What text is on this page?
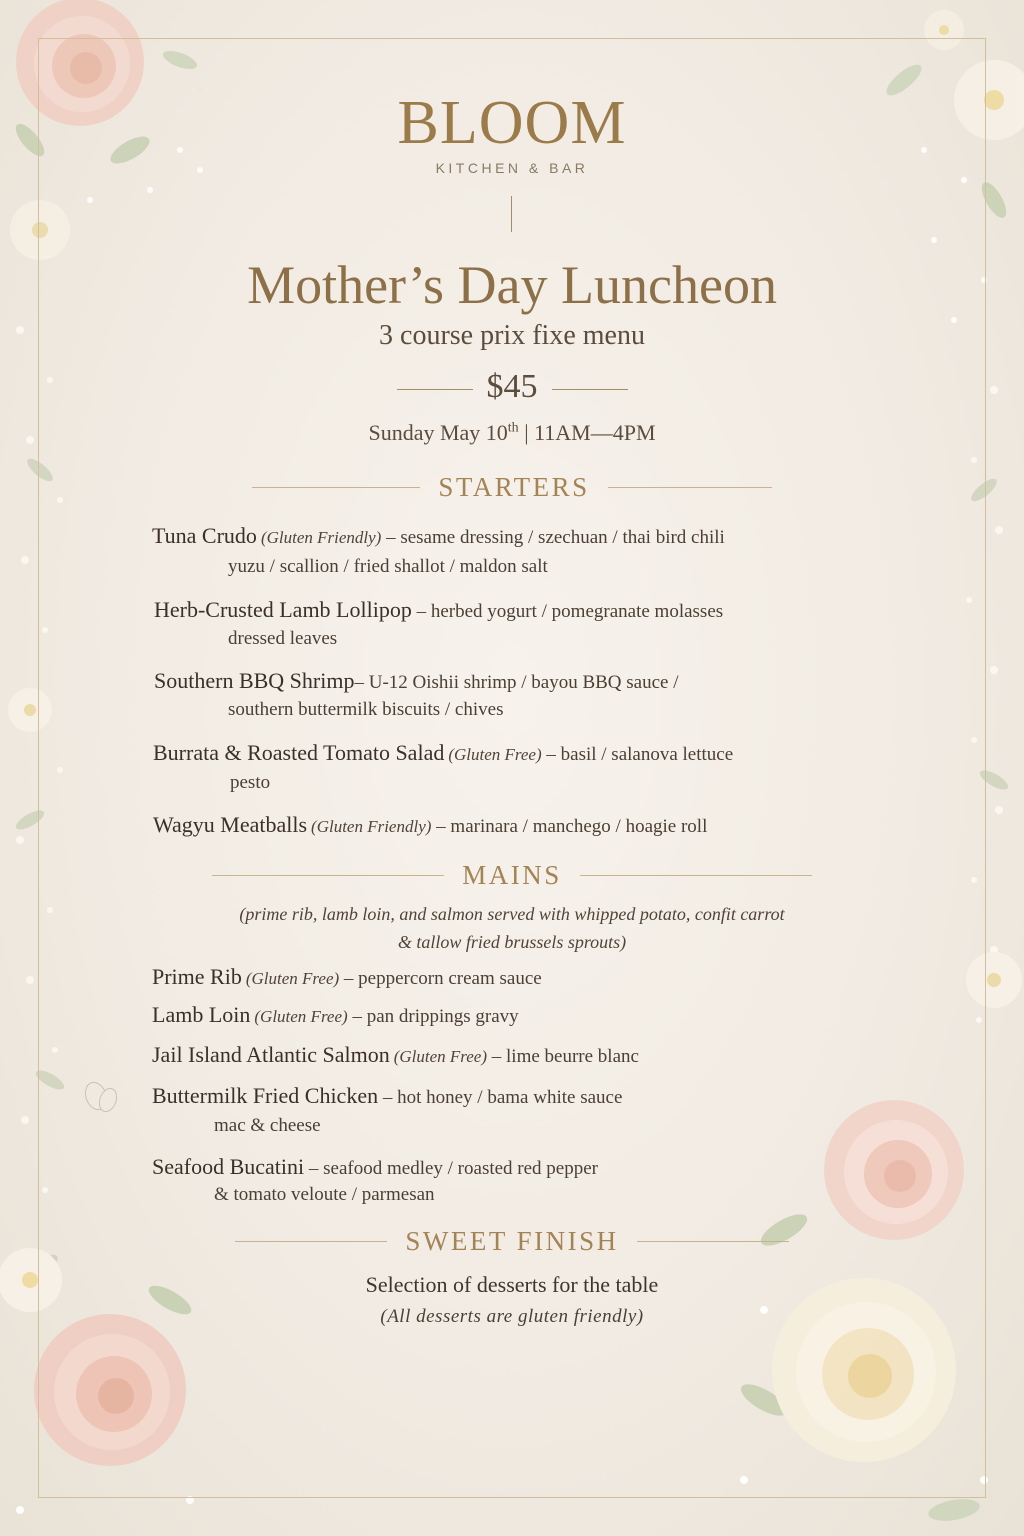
BLOOM
KITCHEN & BAR
Mother’s Day Luncheon
3 course prix fixe menu
$45
Sunday May 10th | 11AM—4PM
STARTERS
Tuna Crudo (Gluten Friendly) – sesame dressing / szechuan / thai bird chili
yuzu / scallion / fried shallot / maldon salt
Herb-Crusted Lamb Lollipop – herbed yogurt / pomegranate molasses
dressed leaves
Southern BBQ Shrimp– U-12 Oishii shrimp / bayou BBQ sauce /
southern buttermilk biscuits / chives
Burrata & Roasted Tomato Salad (Gluten Free) – basil / salanova lettuce
pesto
Wagyu Meatballs (Gluten Friendly) – marinara / manchego / hoagie roll
MAINS
(prime rib, lamb loin, and salmon served with whipped potato, confit carrot
& tallow fried brussels sprouts)
Prime Rib (Gluten Free) – peppercorn cream sauce
Lamb Loin (Gluten Free) – pan drippings gravy
Jail Island Atlantic Salmon (Gluten Free) – lime beurre blanc
Buttermilk Fried Chicken – hot honey / bama white sauce
mac & cheese
Seafood Bucatini – seafood medley / roasted red pepper
& tomato veloute / parmesan
SWEET FINISH
Selection of desserts for the table
(All desserts are gluten friendly)
